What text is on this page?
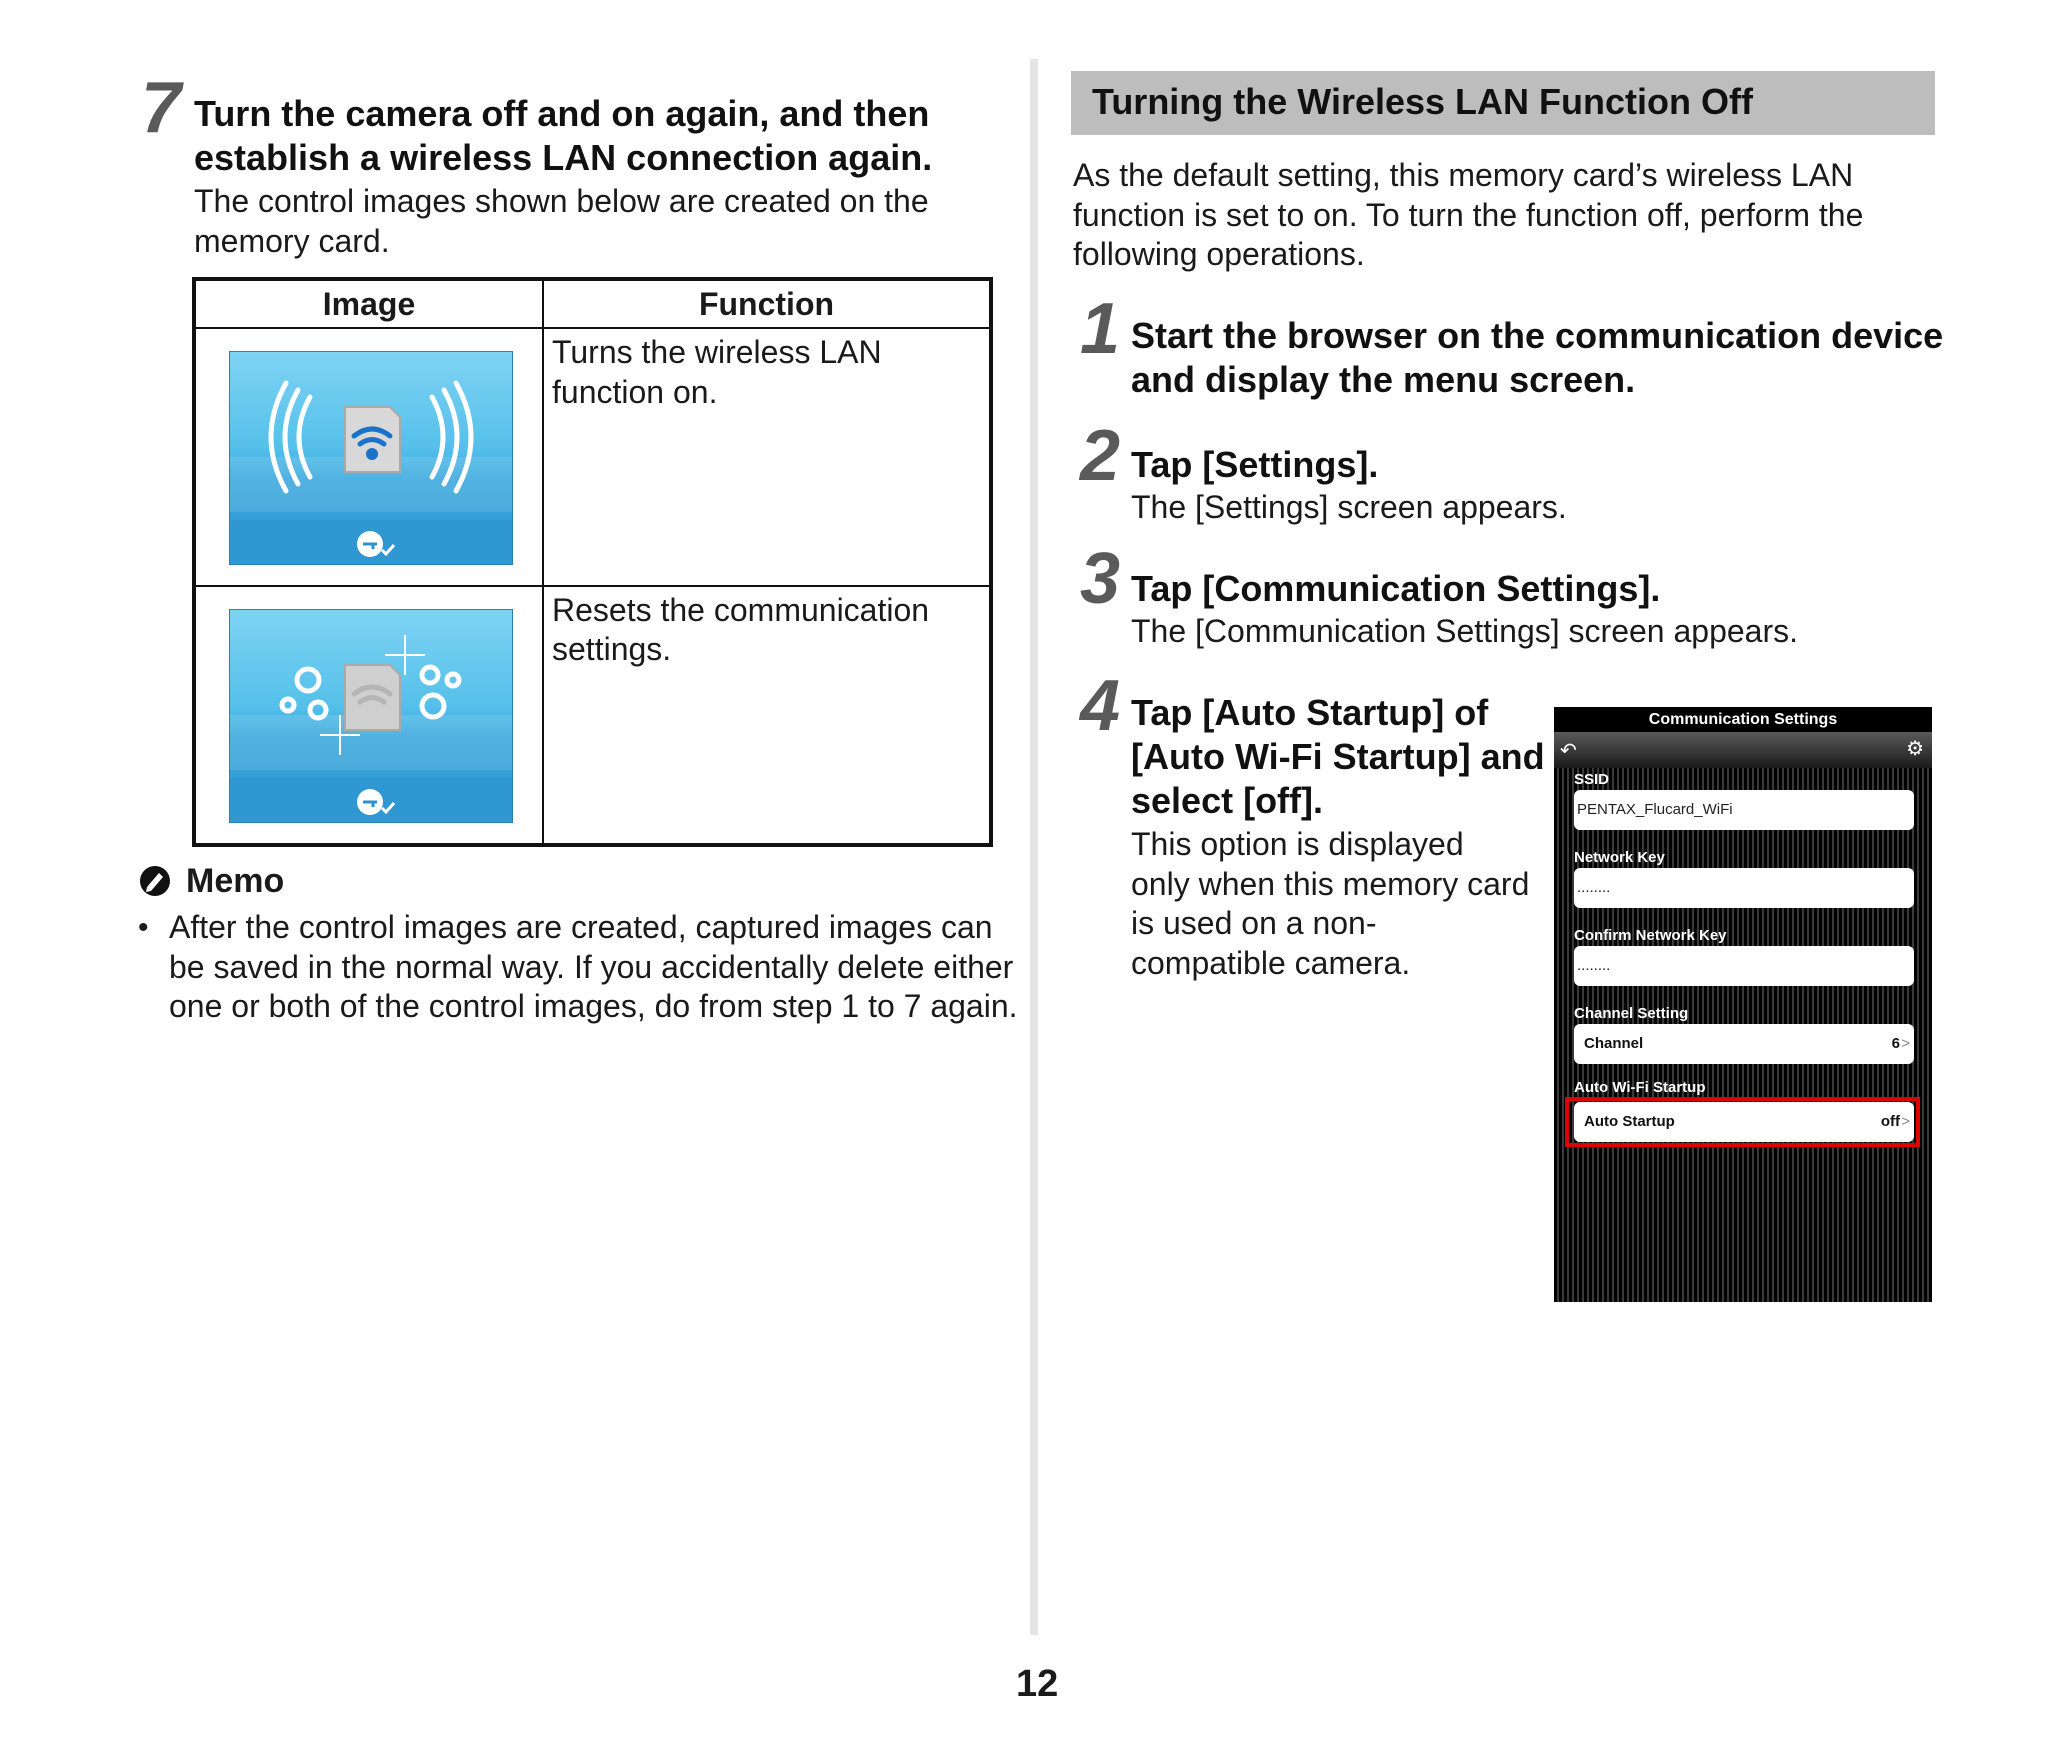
7 Turn the camera off and on again, and then establish a wireless LAN connection again.
The control images shown below are created on the memory card.
Image	Function

	Turns the wireless LAN function on.

	Resets the communication settings.
Memo
• After the control images are created, captured images can be saved in the normal way. If you accidentally delete either one or both of the control images, do from step 1 to 7 again.
Turning the Wireless LAN Function Off
As the default setting, this memory card’s wireless LAN function is set to on. To turn the function off, perform the following operations.
1 Start the browser on the communication device and display the menu screen.
2 Tap [Settings].
The [Settings] screen appears.
3 Tap [Communication Settings].
The [Communication Settings] screen appears.
4 Tap [Auto Startup] of [Auto Wi-Fi Startup] and select [off].
This option is displayed only when this memory card is used on a non-compatible camera.
Communication Settings
↶	⚙
SSID
PENTAX_Flucard_WiFi
Network Key
........
Confirm Network Key
........
Channel Setting
Channel	6 >
Auto Wi-Fi Startup
Auto Startup	off >
12
